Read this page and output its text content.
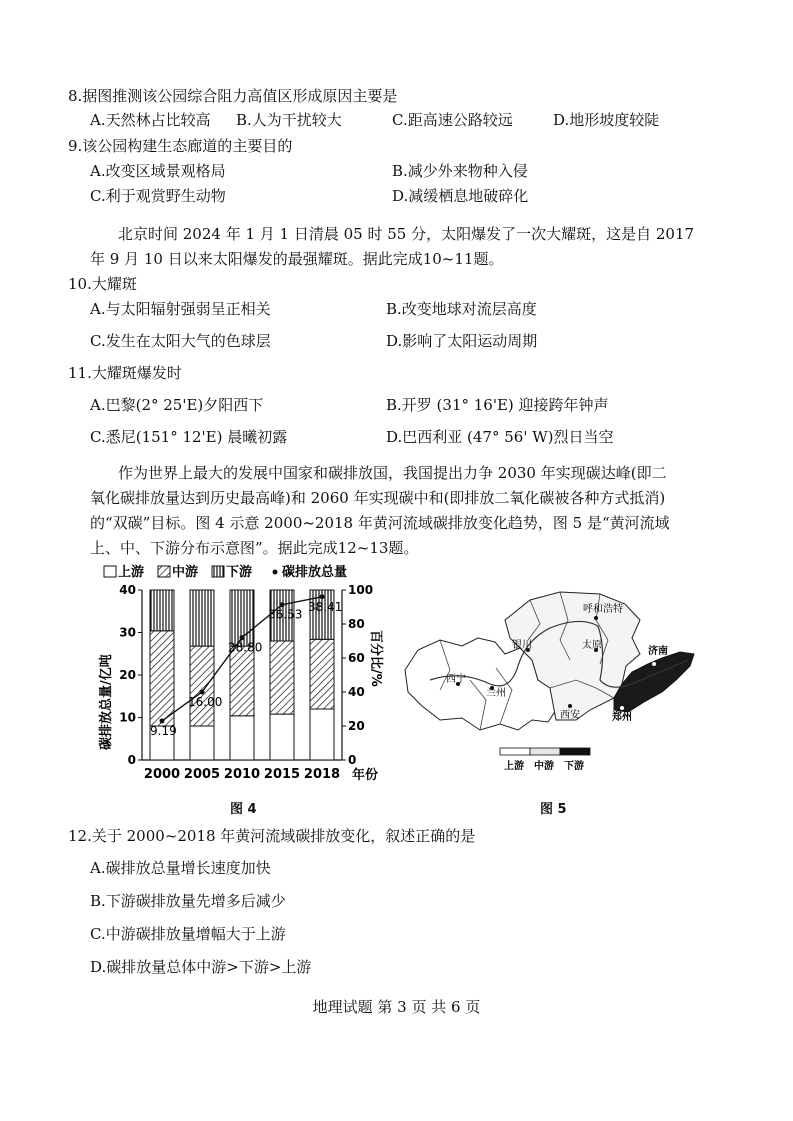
8.据图推测该公园综合阻力高值区形成原因主要是
A.天然林占比较高 B.人为干扰较大	C.距高速公路较远	D.地形坡度较陡
9.该公园构建生态廊道的主要目的
A.改变区域景观格局	B.减少外来物种入侵
C.利于观赏野生动物	D.减缓栖息地破碎化
北京时间 2024 年 1 月 1 日清晨 05 时 55 分，太阳爆发了一次大耀斑，这是自 2017
年 9 月 10 日以来太阳爆发的最强耀斑。据此完成10~11题。
10.大耀斑
A.与太阳辐射强弱呈正相关	B.改变地球对流层高度
C.发生在太阳大气的色球层	D.影响了太阳运动周期
11.大耀斑爆发时
A.巴黎(2° 25'E)夕阳西下	B.开罗 (31° 16'E) 迎接跨年钟声
C.悉尼(151° 12'E) 晨曦初露	D.巴西利亚 (47° 56' W)烈日当空
作为世界上最大的发展中国家和碳排放国，我国提出力争 2030 年实现碳达峰(即二
氧化碳排放量达到历史最高峰)和 2060 年实现碳中和(即排放二氧化碳被各种方式抵消)
的“双碳”目标。图 4 示意 2000~2018 年黄河流域碳排放变化趋势，图 5 是“黄河流域
上、中、下游分布示意图”。据此完成12~13题。
上游 中游 下游 碳排放总量
9.19
16.00
28.80
36.53
38.41
2000 2005 2010 2015 2018
0
10
20
30
40
0
20
40
60
80
100
碳排放总量/亿吨	百分比/%
年份
图 4
呼和浩特
银川	太原
济南
西宁
兰州
西安	郑州
上游 中游 下游
图 5
12.关于 2000~2018 年黄河流域碳排放变化，叙述正确的是
A.碳排放总量增长速度加快
B.下游碳排放量先增多后减少
C.中游碳排放量增幅大于上游
D.碳排放量总体中游>下游>上游
地理试题 第 3 页 共 6 页
